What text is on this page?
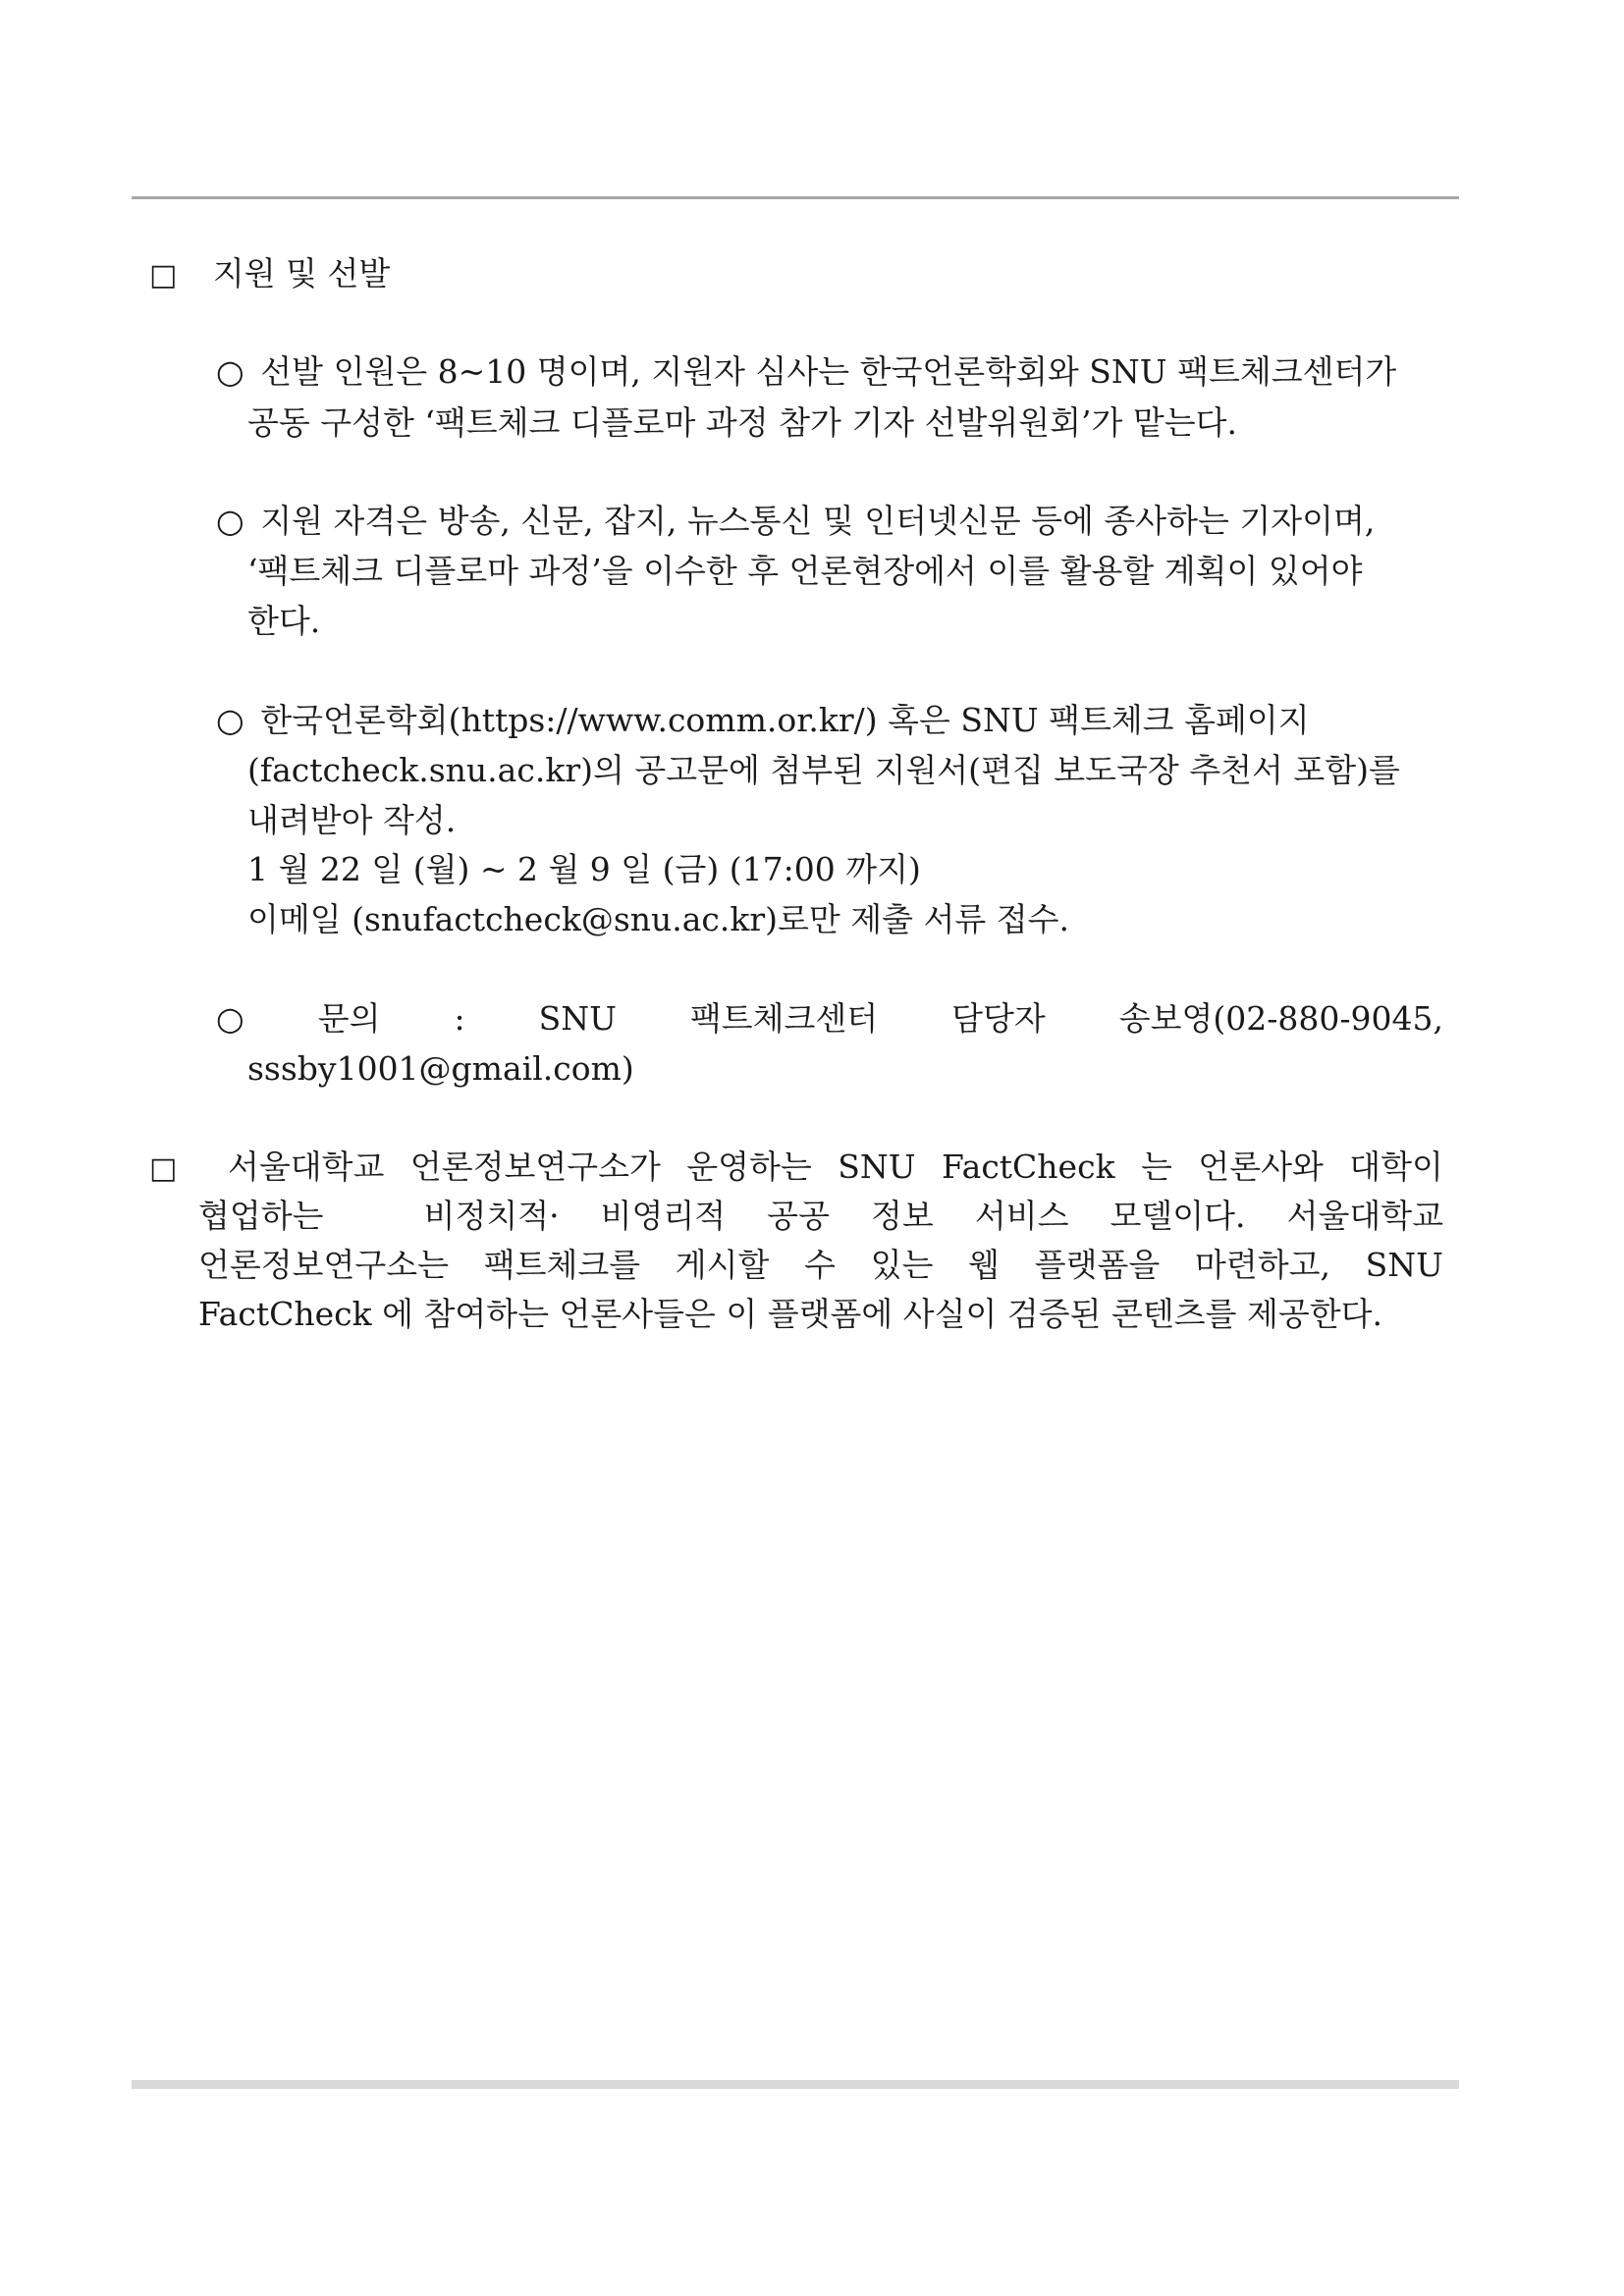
□ 지원 및 선발
○ 선발 인원은 8~10 명이며, 지원자 심사는 한국언론학회와 SNU 팩트체크센터가
공동 구성한 ‘팩트체크 디플로마 과정 참가 기자 선발위원회’가 맡는다.
○ 지원 자격은 방송, 신문, 잡지, 뉴스통신 및 인터넷신문 등에 종사하는 기자이며,
‘팩트체크 디플로마 과정’을 이수한 후 언론현장에서 이를 활용할 계획이 있어야
한다.
○ 한국언론학회(https://www.comm.or.kr/) 혹은 SNU 팩트체크 홈페이지
(factcheck.snu.ac.kr)의 공고문에 첨부된 지원서(편집 보도국장 추천서 포함)를
내려받아 작성.
1 월 22 일 (월) ~ 2 월 9 일 (금) (17:00 까지)
이메일 (snufactcheck@snu.ac.kr)로만 제출 서류 접수.
○ 문의 : SNU 팩트체크센터 담당자 송보영(02-880-9045,
sssby1001@gmail.com)
□ 서울대학교 언론정보연구소가 운영하는 SNU FactCheck 는 언론사와 대학이
협업하는	비정치적· 비영리적 공공 정보 서비스 모델이다. 서울대학교
언론정보연구소는 팩트체크를 게시할 수 있는 웹 플랫폼을 마련하고, SNU
FactCheck 에 참여하는 언론사들은 이 플랫폼에 사실이 검증된 콘텐츠를 제공한다.
